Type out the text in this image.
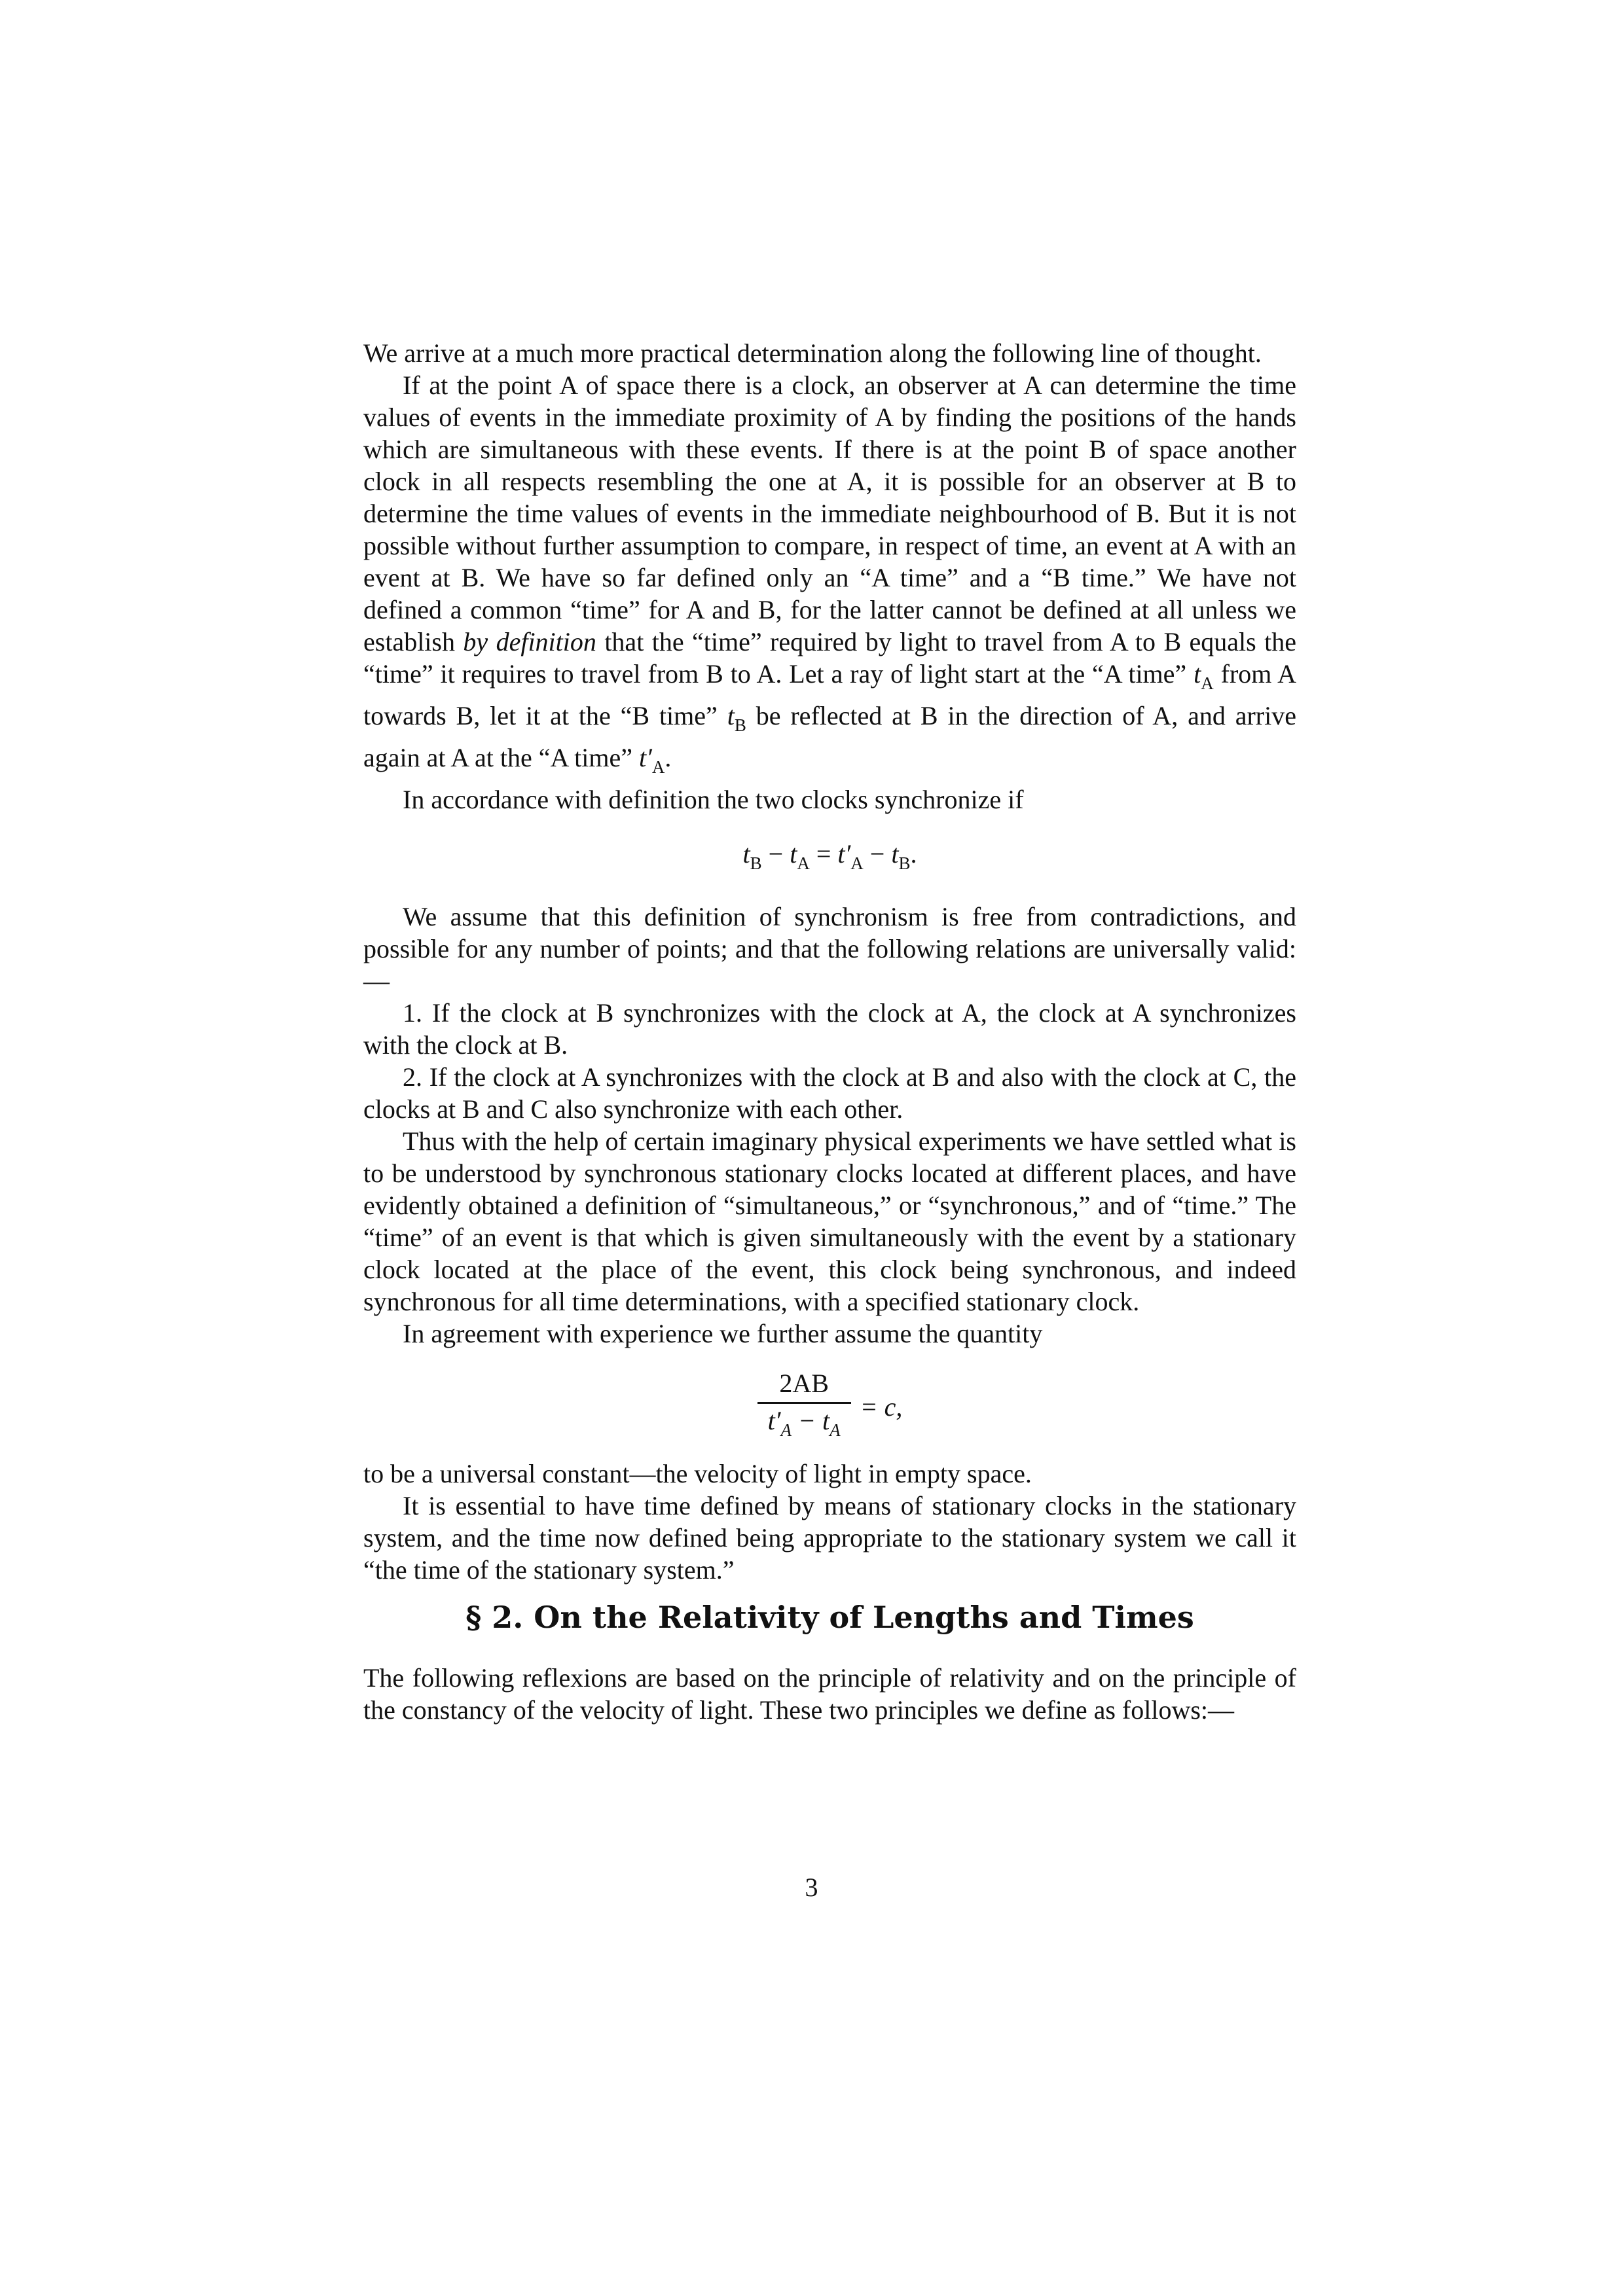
We arrive at a much more practical determination along the following line of thought.

If at the point A of space there is a clock, an observer at A can determine the time values of events in the immediate proximity of A by finding the positions of the hands which are simultaneous with these events. If there is at the point B of space another clock in all respects resembling the one at A, it is possible for an observer at B to determine the time values of events in the immediate neighbourhood of B. But it is not possible without further assumption to compare, in respect of time, an event at A with an event at B. We have so far defined only an “A time” and a “B time.” We have not defined a common “time” for A and B, for the latter cannot be defined at all unless we establish by definition that the “time” required by light to travel from A to B equals the “time” it requires to travel from B to A. Let a ray of light start at the “A time” $t_A$ from A towards B, let it at the “B time” $t_B$ be reflected at B in the direction of A, and arrive again at A at the “A time” $t'_A$.

In accordance with definition the two clocks synchronize if

$t_B - t_A = t'_A - t_B$.

We assume that this definition of synchronism is free from contradictions, and possible for any number of points; and that the following relations are universally valid:—

1. If the clock at B synchronizes with the clock at A, the clock at A synchronizes with the clock at B.

2. If the clock at A synchronizes with the clock at B and also with the clock at C, the clocks at B and C also synchronize with each other.

Thus with the help of certain imaginary physical experiments we have settled what is to be understood by synchronous stationary clocks located at different places, and have evidently obtained a definition of “simultaneous,” or “synchronous,” and of “time.” The “time” of an event is that which is given simultaneously with the event by a stationary clock located at the place of the event, this clock being synchronous, and indeed synchronous for all time determinations, with a specified stationary clock.

In agreement with experience we further assume the quantity

$\frac{2AB}{t'_A - t_A} = c$,

to be a universal constant—the velocity of light in empty space.

It is essential to have time defined by means of stationary clocks in the stationary system, and the time now defined being appropriate to the stationary system we call it “the time of the stationary system.”

§ 2. On the Relativity of Lengths and Times

The following reflexions are based on the principle of relativity and on the principle of the constancy of the velocity of light. These two principles we define as follows:—

3
